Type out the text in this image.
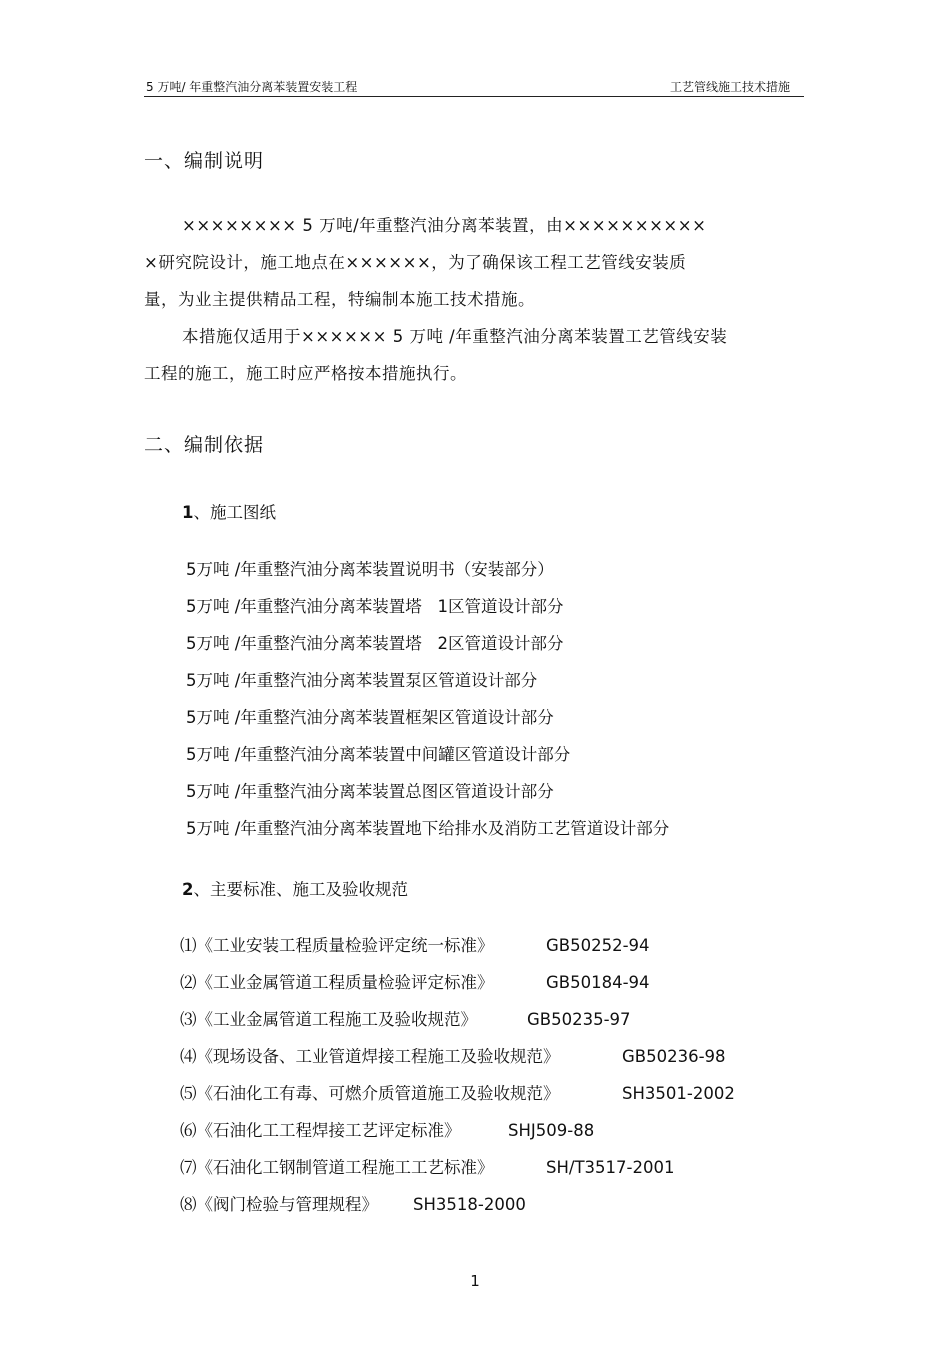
5 万吨/ 年重整汽油分离苯装置安装工程	工艺管线施工技术措施
一、编制说明

×××××××× 5 万吨/年重整汽油分离苯装置，由××××××××××

×研究院设计，施工地点在××××××，为了确保该工程工艺管线安装质

量，为业主提供精品工程，特编制本施工技术措施。

本措施仅适用于×××××× 5 万吨 /年重整汽油分离苯装置工艺管线安装

工程的施工，施工时应严格按本措施执行。

二、编制依据
1、施工图纸
5万吨 /年重整汽油分离苯装置说明书（安装部分）
5万吨 /年重整汽油分离苯装置塔   1区管道设计部分
5万吨 /年重整汽油分离苯装置塔   2区管道设计部分
5万吨 /年重整汽油分离苯装置泵区管道设计部分
5万吨 /年重整汽油分离苯装置框架区管道设计部分
5万吨 /年重整汽油分离苯装置中间罐区管道设计部分
5万吨 /年重整汽油分离苯装置总图区管道设计部分
5万吨 /年重整汽油分离苯装置地下给排水及消防工艺管道设计部分
2、主要标准、施工及验收规范
⑴《工业安装工程质量检验评定统一标准》	GB50252-94
⑵《工业金属管道工程质量检验评定标准》	GB50184-94
⑶《工业金属管道工程施工及验收规范》	GB50235-97
⑷《现场设备、工业管道焊接工程施工及验收规范》	GB50236-98
⑸《石油化工有毒、可燃介质管道施工及验收规范》	SH3501-2002
⑹《石油化工工程焊接工艺评定标准》	SHJ509-88
⑺《石油化工钢制管道工程施工工艺标准》	SH/T3517-2001
⑻《阀门检验与管理规程》 SH3518-2000
1
